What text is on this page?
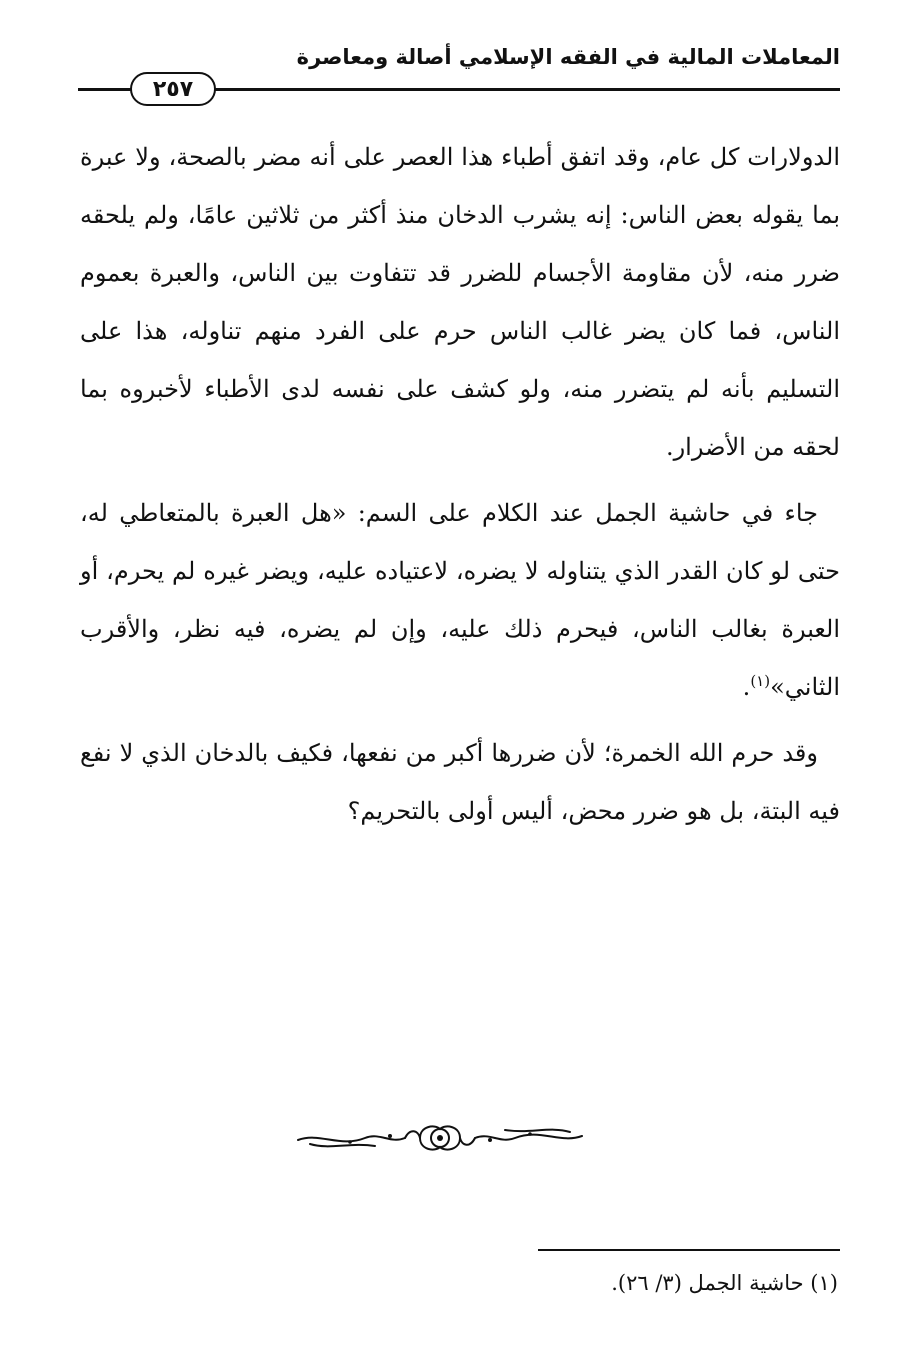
المعاملات المالية في الفقه الإسلامي أصالة ومعاصرة
٢٥٧

الدولارات كل عام، وقد اتفق أطباء هذا العصر على أنه مضر بالصحة، ولا عبرة بما يقوله بعض الناس: إنه يشرب الدخان منذ أكثر من ثلاثين عامًا، ولم يلحقه ضرر منه، لأن مقاومة الأجسام للضرر قد تتفاوت بين الناس، والعبرة بعموم الناس، فما كان يضر غالب الناس حرم على الفرد منهم تناوله، هذا على التسليم بأنه لم يتضرر منه، ولو كشف على نفسه لدى الأطباء لأخبروه بما لحقه من الأضرار.

جاء في حاشية الجمل عند الكلام على السم: «هل العبرة بالمتعاطي له، حتى لو كان القدر الذي يتناوله لا يضره، لاعتياده عليه، ويضر غيره لم يحرم، أو العبرة بغالب الناس، فيحرم ذلك عليه، وإن لم يضره، فيه نظر، والأقرب الثاني»$^{(١)}$.

وقد حرم الله الخمرة؛ لأن ضررها أكبر من نفعها، فكيف بالدخان الذي لا نفع فيه البتة، بل هو ضرر محض، أليس أولى بالتحريم؟

(١) حاشية الجمل (٣/ ٢٦).
